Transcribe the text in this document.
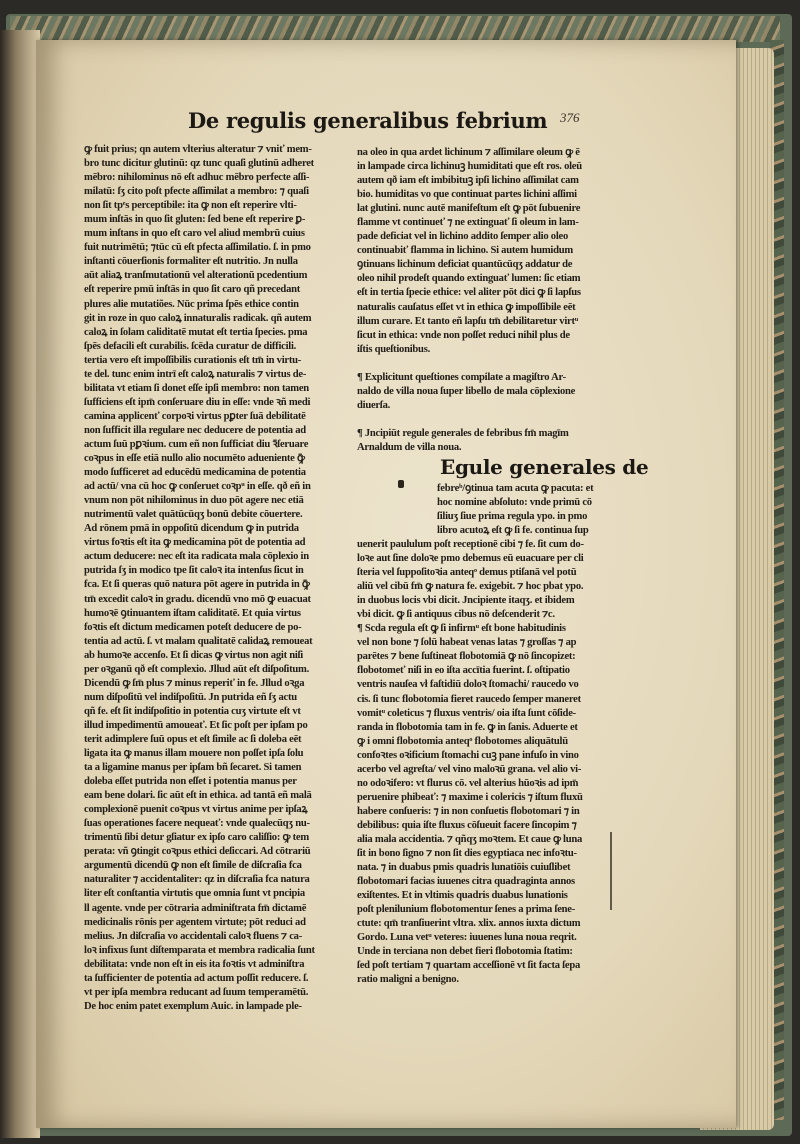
De regulis generalibus febrium 376
ꝙ fuit prius; qn autem vlterius alteratur ⁊ vniť mem-
bro tunc dicitur glutinū: qz tunc quaſi glutinū adheret
mēbro: nihilominus nō eſt adhuc mēbro perfecte aſſi-
milatū: ſʒ cito poſt pfecte aſſimilat a membro: ⁊ quaſi
non ſit tpᵉs perceptibile: ita ꝙ non eſt reperire vlti-
mum inſtās in quo ſit gluten: ſed bene eſt reperire ꝑ-
mum inſtans in quo eſt caro vel aliud membrū cuius
fuit nutrimētū; ⁊tūc cū eſt pfecta aſſimilatio. ſ. in pmo
inſtanti cōuerſionis formaliter eſt nutritio. Jn nulla
aūt aliaꝝ tranſmutationū vel alterationū pcedentium
eſt reperire pmū inſtās in quo ſit caro qñ precedant
plures alie mutatiões. Nūc prima ſpēs ethice contin
git in roze in quo caloꝝ innaturalis radicak. qñ autem
caloꝝ in ſolam caliditatē mutat eſt tertia ſpecies. pma
ſpēs defacili eſt curabilis. ſcēda curatur de difficili.
tertia vero eſt impoſſibilis curationis eſt tm̄ in virtu-
te del. tunc enim intrī eſt caloꝝ naturalis ⁊ virtus de-
bilitata vt etiam ſi donet eſſe ipſi membro: non tamen
ſufficiens eſt ipm̄ conſeruare diu in eſſe: vnde ꝛñ medi
camina applicenť corpoꝛi virtus pꝑter ſuā debilitatē
non ſufficit illa regulare nec deducere de potentia ad
actum ſuū pꝑꝛium. cum eñ non ſufficiat diu ꝛ̄ſeruare
coꝛpus in eſſe etiā nullo alio nocumēto adueniente ꝙ̄
modo ſufficeret ad educēdū medicamina de potentia
ad actū/ vna cū hoc ꝙ conſeruet coꝛpᵘ in eſſe. qð eñ in
vnum non pōt nihilominus in duo pōt agere nec etiā
nutrimentū valet quātūcūqʒ bonū debite cōuertere.
Ad rōnem pmā in oppoſitū dicendum ꝙ in putrida
virtus foꝛtis eſt ita ꝙ medicamina pōt de potentia ad
actum deducere: nec eſt ita radicata mala cōplexio in
putrida ſʒ in modico tpe ſit caloꝛ ita intenſus ſicut in
fca. Et ſi queras quō natura pōt agere in putrida in ꝙ̄
tm̄ excedit caloꝛ in gradu. dicendū vno mō ꝙ euacuat
humoꝛē ꝯtinuantem iſtam caliditatē. Et quia virtus
foꝛtis eſt dictum medicamen poteſt deducere de po-
tentia ad actū. ſ. vt malam qualitatē calidaꝝ remoueat
ab humoꝛe accenſo. Et ſi dicas ꝙ virtus non agit niſi
per oꝛganū qð eſt complexio. Jllud aūt eſt diſpoſitum.
Dicendū ꝙ ſm̄ plus ⁊ minus reperiť in fe. Jllud oꝛga
num diſpoſitū vel indiſpoſitū. Jn putrida eñ ſʒ actu
qñ fe. eſt ſit indiſpoſitio in potentia cuʒ virtute eſt vt
illud impedimentū amoueať. Et ſic poſt per ipſam po
terit adimplere ſuū opus et eſt ſimile ac ſi doleba eēt
ligata ita ꝙ manus illam mouere non poſſet ipſa ſolu
ta a ligamine manus per ipſam bñ ſecaret. Si tamen
doleba eſſet putrida non eſſet i potentia manus per
eam bene dolari. ſic aūt eſt in ethica. ad tantā eñ malā
complexionē puenit coꝛpus vt virtus anime per ipſaꝝ
ſuas operationes facere nequeať: vnde qualecūqʒ nu-
trimentū ſibi detur gſiatur ex ipſo caro caliſſio: ꝙ tem
perata: vñ ꝯtingit coꝛpus ethici deſiccari. Ad cōtrariū
argumentū dicendū ꝙ non eſt ſimile de diſcraſia fca
naturaliter ⁊ accidentaliter: qz in diſcraſia fca natura
liter eſt conſtantia virtutis que omnia ſunt vt pncipia
ll agente. vnde per cōtraria adminiſtrata fm̄ dictamē
medicinalis rōnis per agentem virtute; pōt reduci ad
melius. Jn diſcraſia vo accidentali caloꝛ fluens ⁊ ca-
loꝛ infixus ſunt diſtemparata et membra radicalia ſunt
debilitata: vnde non eſt in eis ita foꝛtis vt adminiſtra
ta ſufficienter de potentia ad actum poſſit reducere. ſ.
vt per ipſa membra reducant ad ſuum temperamētū.
De hoc enim patet exemplum Auic. in lampade ple-
na oleo in qua ardet lichinum ⁊ aſſimilare oleum ꝙ ē
in lampade circa lichinuꝫ humiditati que eſt ros. oleū
autem qð iam eſt imbibituꝫ ipſi lichino aſſimilat cam
bio. humiditas vo que continuat partes lichini aſſimi
lat glutini. nunc autē manifeſtum eſt ꝙ pōt ſubuenire
flamme vt continueť ⁊ ne extinguať ſi oleum in lam-
pade deficiat vel in lichino addito ſemper alio oleo
continuabiť flamma in lichino. Si autem humidum
ꝯtinuans lichinum deficiat quantūcūqʒ addatur de
oleo nihil prodeſt quando extinguať lumen: ſic etiam
eſt in tertia ſpecie ethice: vel aliter pōt dici ꝙ ſi lapſus
naturalis cauſatus eſſet vt in ethica ꝙ impoſſibile eēt
illum curare. Et tanto eñ lapſu tm̄ debilitaretur virtᵘ
ſicut in ethica: vnde non poſſet reduci nihil plus de
iſtis queſtionibus.
¶ Explicitunt queſtiones compilate a magiſtro Ar-
naldo de villa noua ſuper libello de mala cōplexione
diuerſa.
¶ Jncipiūt regule generales de febribus fm̄ magīm
Arnaldum de villa noua.
Egule generales de
febreᵇ/ꝯtinua tam acuta ꝙ pacuta: et
hoc nomine abſoluto: vnde primū cō
ſiliuʒ ſiue prima regula ypo. in pmo
libro acutoꝝ eſt ꝙ ſi fe. continua ſup
uenerit paululum poſt receptionē cibi ⁊ fe. ſit cum do-
loꝛe aut ſine doloꝛe pmo debemus eū euacuare per cli
ſteria vel ſuppoſitoꝛia anteqᵒ demus ptiſanā vel potū
aliū vel cibū fm̄ ꝙ natura fe. exigebit. ⁊ hoc pbat ypo.
in duobus locis vbi dicit. Jncipiente itaqʒ. et ibidem
vbi dicit. ꝙ ſi antiquus cibus nō deſcenderit ⁊c.
¶ Scda regula eſt ꝙ ſi infirmᵘ eſt bone habitudinis
vel non bone ⁊ ſolū habeat venas latas ⁊ groſſas ⁊ ap
parētes ⁊ bene ſuſtineat flobotomiā ꝙ nō ſincopizet:
flobotomeť niſi in eo iſta accītia fuerint. ſ. oſtipatio
ventris nauſea vł faſtidiū doloꝛ ſtomachi/ raucedo vo
cis. ſi tunc flobotomia fieret raucedo ſemper maneret
vomitᵘ coleticus ⁊ fluxus ventris/ oia iſta ſunt cōſide-
randa in flobotomia tam in fe. ꝙ in ſanis. Aduerte et
ꝙ i omni flobotomia anteqᵒ flobotomes aliquātulū
confoꝛtes oꝛificium ſtomachi cuꝫ pane infuſo in vino
acerbo vel agreſta/ vel vino maloꝛū grana. vel alio vi-
no odoꝛifero: vt flurus cō. vel alterius hūoꝛis ad ipm̄
peruenire phibeať: ⁊ maxime i colericis ⁊ iſtum fluxū
habere conſueris: ⁊ in non conſuetis flobotomari ⁊ in
debilibus: quia iſte fluxus cōſueuit facere ſincopim ⁊
alia mala accidentia. ⁊ qñqʒ moꝛtem. Et caue ꝙ luna
ſit in bono ſigno ⁊ non ſit dies egyptiaca nec infoꝛtu-
nata. ⁊ in duabus pmis quadris lunatiōis cuiuſlibet
flobotomari facias iuuenes citra quadraginta annos
exiſtentes. Et in vltimis quadris duabus lunationis
poſt plenilunium flobotomentur ſenes a prima ſene-
ctute: qm̄ tranſiuerint vltra. xlix. annos iuxta dictum
Gordo. Luna vetᵘ veteres: iuuenes luna noua reqrit.
Unde in terciana non debet fieri flobotomia ſtatim:
ſed poſt tertiam ⁊ quartam acceſſionē vt ſit facta ſepa
ratio maligni a benigno.
